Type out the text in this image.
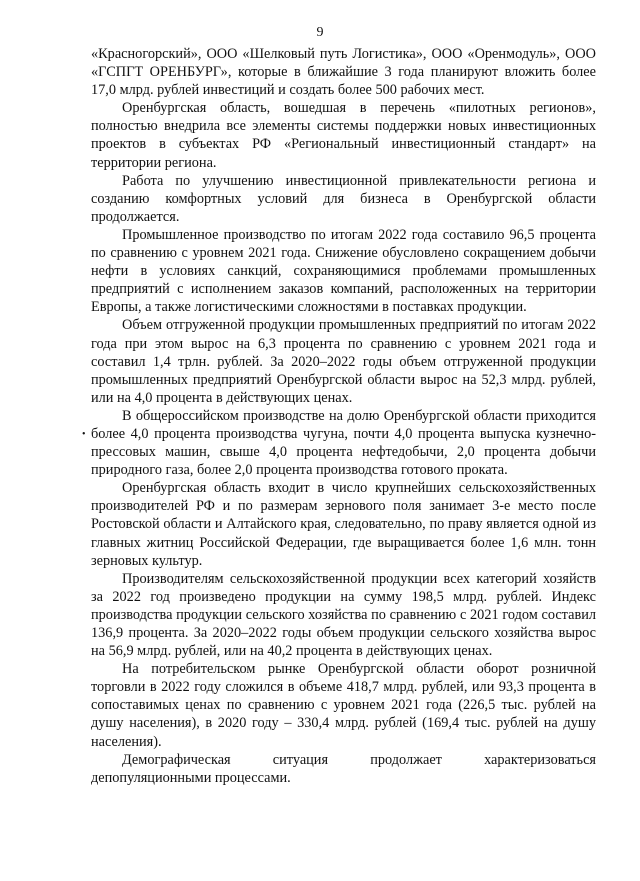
9
•

«Красногорский», ООО «Шелковый путь Логистика», ООО «Оренмодуль», ООО «ГСПГТ ОРЕНБУРГ», которые в ближайшие 3 года планируют вложить более 17,0 млрд. рублей инвестиций и создать более 500 рабочих мест.

Оренбургская область, вошедшая в перечень «пилотных регионов», полностью внедрила все элементы системы поддержки новых инвестиционных проектов в субъектах РФ «Региональный инвестиционный стандарт» на территории региона.

Работа по улучшению инвестиционной привлекательности региона и созданию комфортных условий для бизнеса в Оренбургской области продолжается.

Промышленное производство по итогам 2022 года составило 96,5 процента по сравнению с уровнем 2021 года. Снижение обусловлено сокращением добычи нефти в условиях санкций, сохраняющимися проблемами промышленных предприятий с исполнением заказов компаний, расположенных на территории Европы, а также логистическими сложностями в поставках продукции.

Объем отгруженной продукции промышленных предприятий по итогам 2022 года при этом вырос на 6,3 процента по сравнению с уровнем 2021 года и составил 1,4 трлн. рублей. За 2020–2022 годы объем отгруженной продукции промышленных предприятий Оренбургской области вырос на 52,3 млрд. рублей, или на 4,0 процента в действующих ценах.

В общероссийском производстве на долю Оренбургской области приходится более 4,0 процента производства чугуна, почти 4,0 процента выпуска кузнечно-прессовых машин, свыше 4,0 процента нефтедобычи, 2,0 процента добычи природного газа, более 2,0 процента производства готового проката.

Оренбургская область входит в число крупнейших сельскохозяйственных производителей РФ и по размерам зернового поля занимает 3-е место после Ростовской области и Алтайского края, следовательно, по праву является одной из главных житниц Российской Федерации, где выращивается более 1,6 млн. тонн зерновых культур.

Производителям сельскохозяйственной продукции всех категорий хозяйств за 2022 год произведено продукции на сумму 198,5 млрд. рублей. Индекс производства продукции сельского хозяйства по сравнению с 2021 годом составил 136,9 процента. За 2020–2022 годы объем продукции сельского хозяйства вырос на 56,9 млрд. рублей, или на 40,2 процента в действующих ценах.

На потребительском рынке Оренбургской области оборот розничной торговли в 2022 году сложился в объеме 418,7 млрд. рублей, или 93,3 процента в сопоставимых ценах по сравнению с уровнем 2021 года (226,5 тыс. рублей на душу населения), в 2020 году – 330,4 млрд. рублей (169,4 тыс. рублей на душу населения).

Демографическая ситуация продолжает характеризоваться депопуляционными процессами.
